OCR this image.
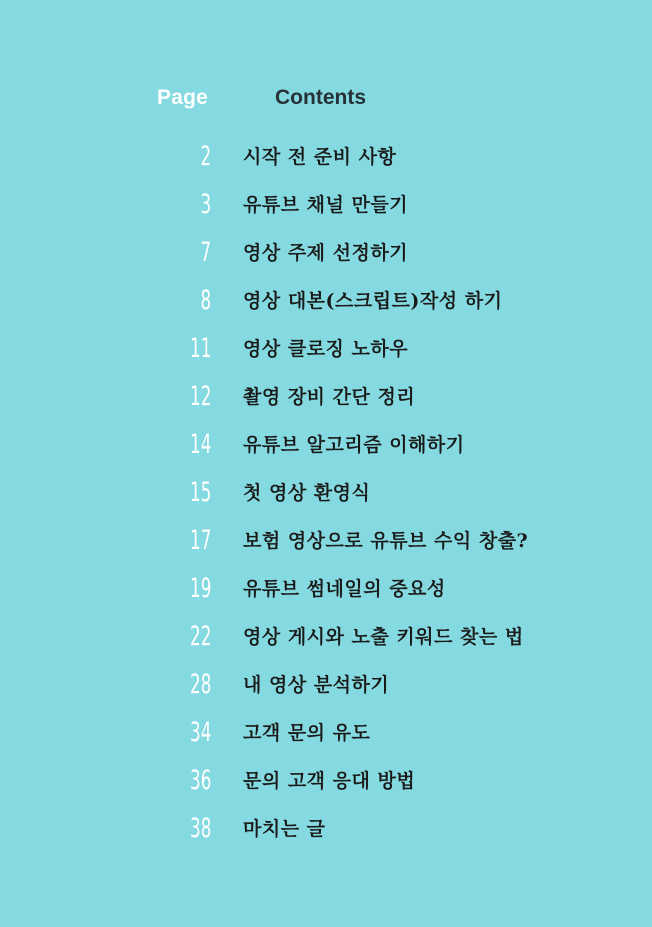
Page	Contents
2 시작 전 준비 사항
3 유튜브 채널 만들기
7 영상 주제 선정하기
8 영상 대본(스크립트)작성 하기
11 영상 클로징 노하우
12 촬영 장비 간단 정리
14 유튜브 알고리즘 이해하기
15 첫 영상 환영식
17 보험 영상으로 유튜브 수익 창출?
19 유튜브 썸네일의 중요성
22 영상 게시와 노출 키워드 찾는 법
28 내 영상 분석하기
34 고객 문의 유도
36 문의 고객 응대 방법
38 마치는 글
